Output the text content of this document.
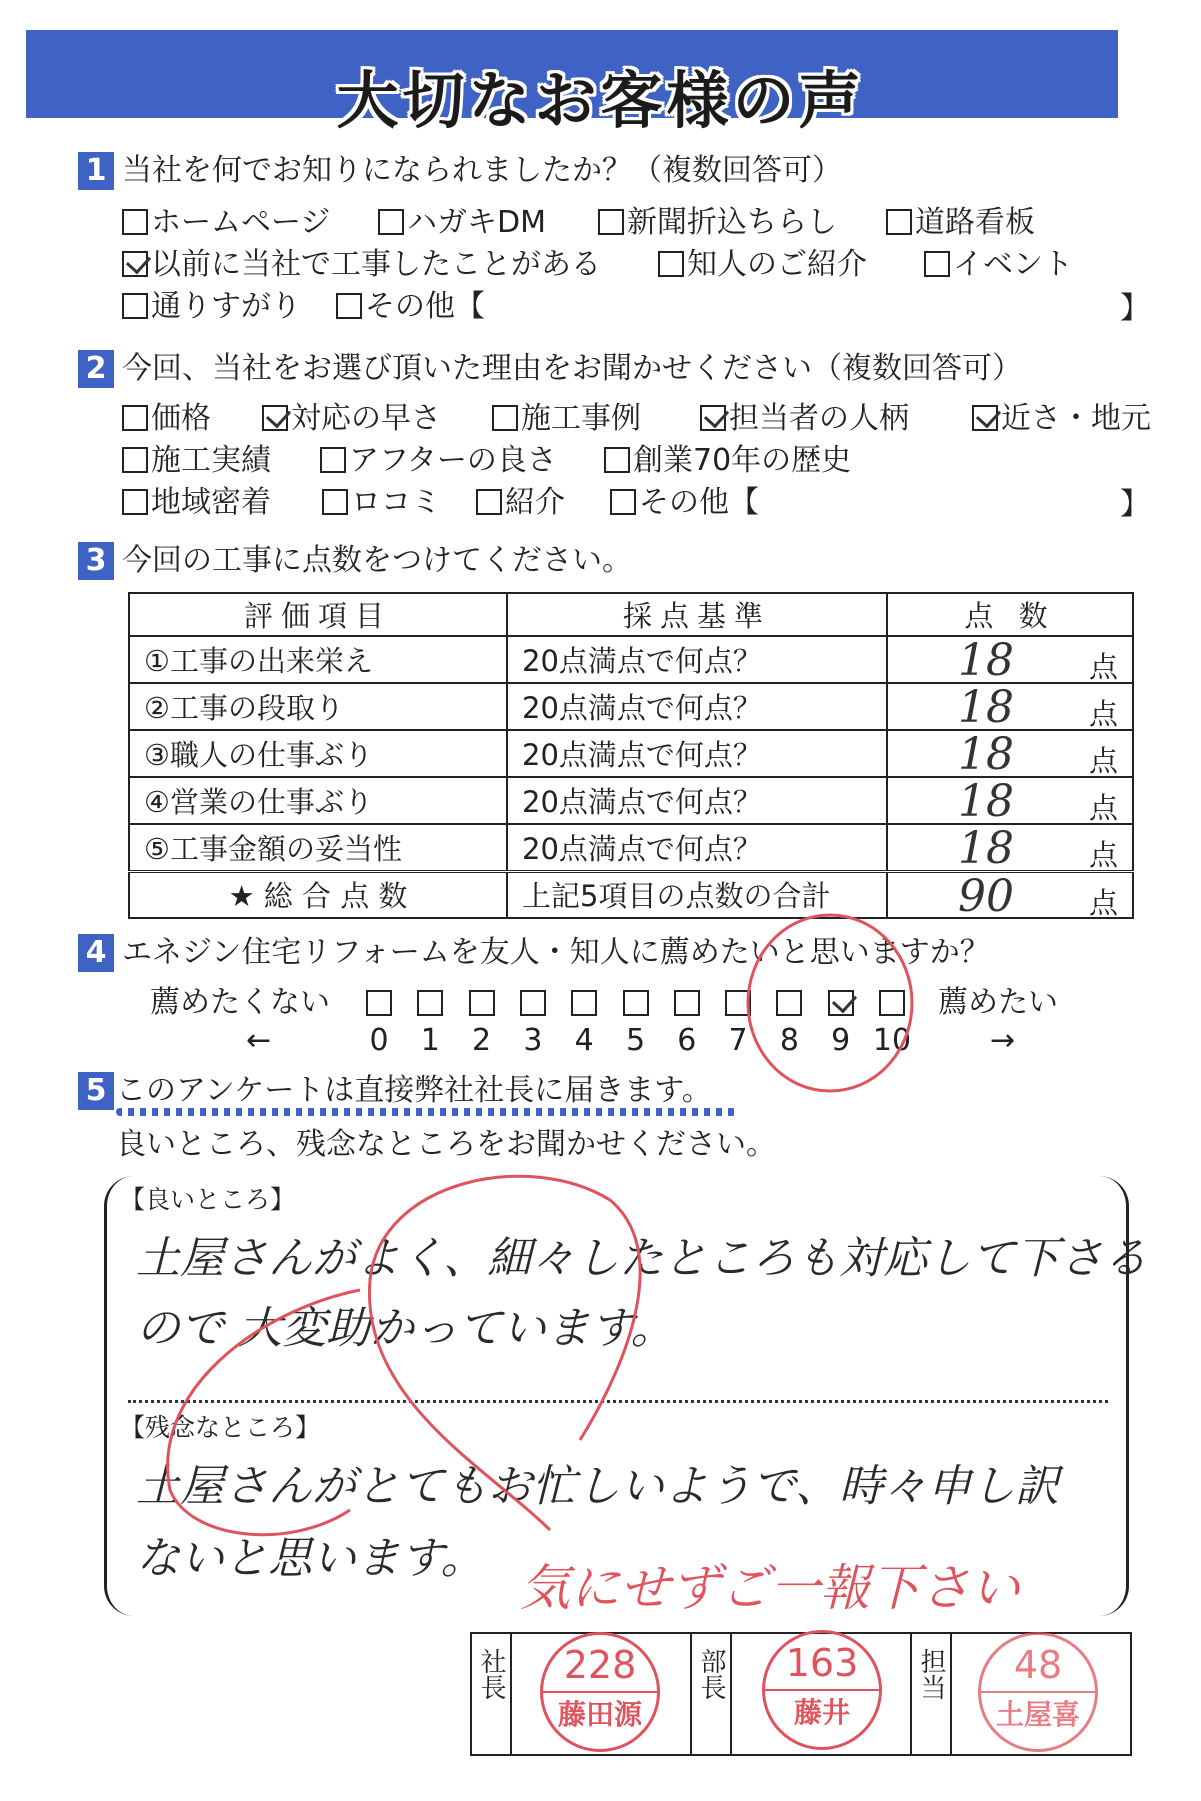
大切なお客様の声
1 当社を何でお知りになられましたか？（複数回答可）
ホームページ	ハガキDM	新聞折込ちらし	道路看板
以前に当社で工事したことがある	知人のご紹介	イベント
通りすがり	その他【	】
2 今回、当社をお選び頂いた理由をお聞かせください（複数回答可）
価格	対応の早さ	施工事例	担当者の人柄	近さ・地元
施工実績	アフターの良さ	創業70年の歴史
地域密着	ロコミ	紹介	その他【	】
3 今回の工事に点数をつけてください。
評価項目	採点基準	点 数
①工事の出来栄え	20点満点で何点？	18 点

②工事の段取り	20点満点で何点？	18 点

③職人の仕事ぶり	20点満点で何点？	18 点

④営業の仕事ぶり	20点満点で何点？	18 点

⑤工事金額の妥当性	20点満点で何点？	18 点

★ 総 合 点 数	上記5項目の点数の合計	90 点
4 エネジン住宅リフォームを友人・知人に薦めたいと思いますか？
薦めたくない	薦めたい
←	→
0	1	2	3	4	5	6	7	8	9 10
5 このアンケートは直接弊社社長に届きます。
良いところ、残念なところをお聞かせください。
【良いところ】
土屋さんがよく、細々したところも対応して下さる
ので 大変助かっています。
【残念なところ】
土屋さんがとてもお忙しいようで、時々申し訳
ないと思います。
気にせずご一報下さい
社長	228
藤田源
部長	163
藤井
担当	48
土屋喜
